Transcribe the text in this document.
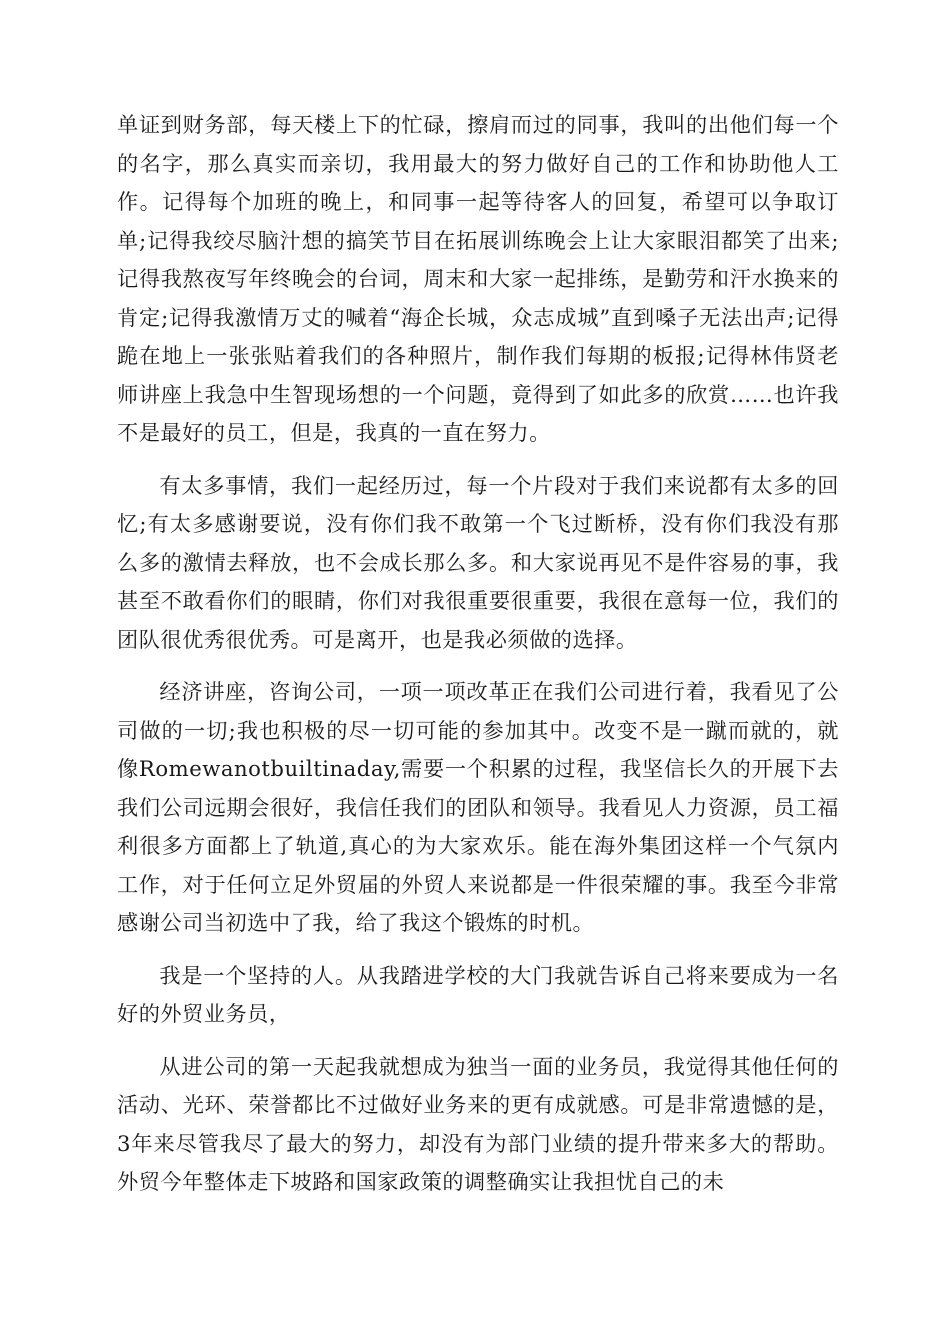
单证到财务部，每天楼上下的忙碌，擦肩而过的同事，我叫的出他们每一个的名字，那么真实而亲切，我用最大的努力做好自己的工作和协助他人工作。记得每个加班的晚上，和同事一起等待客人的回复，希望可以争取订单;记得我绞尽脑汁想的搞笑节目在拓展训练晚会上让大家眼泪都笑了出来;记得我熬夜写年终晚会的台词，周末和大家一起排练，是勤劳和汗水换来的肯定;记得我激情万丈的喊着“海企长城，众志成城”直到嗓子无法出声;记得跪在地上一张张贴着我们的各种照片，制作我们每期的板报;记得林伟贤老师讲座上我急中生智现场想的一个问题，竟得到了如此多的欣赏……也许我不是最好的员工，但是，我真的一直在努力。

有太多事情，我们一起经历过，每一个片段对于我们来说都有太多的回忆;有太多感谢要说，没有你们我不敢第一个飞过断桥，没有你们我没有那么多的激情去释放，也不会成长那么多。和大家说再见不是件容易的事，我甚至不敢看你们的眼睛，你们对我很重要很重要，我很在意每一位，我们的团队很优秀很优秀。可是离开，也是我必须做的选择。

经济讲座，咨询公司，一项一项改革正在我们公司进行着，我看见了公司做的一切;我也积极的尽一切可能的参加其中。改变不是一蹴而就的，就像Romewanotbuiltinaday,需要一个积累的过程，我坚信长久的开展下去我们公司远期会很好，我信任我们的团队和领导。我看见人力资源，员工福利很多方面都上了轨道,真心的为大家欢乐。能在海外集团这样一个气氛内工作，对于任何立足外贸届的外贸人来说都是一件很荣耀的事。我至今非常感谢公司当初选中了我，给了我这个锻炼的时机。

我是一个坚持的人。从我踏进学校的大门我就告诉自己将来要成为一名好的外贸业务员，

从进公司的第一天起我就想成为独当一面的业务员，我觉得其他任何的活动、光环、荣誉都比不过做好业务来的更有成就感。可是非常遗憾的是，3年来尽管我尽了最大的努力，却没有为部门业绩的提升带来多大的帮助。外贸今年整体走下坡路和国家政策的调整确实让我担忧自己的未
